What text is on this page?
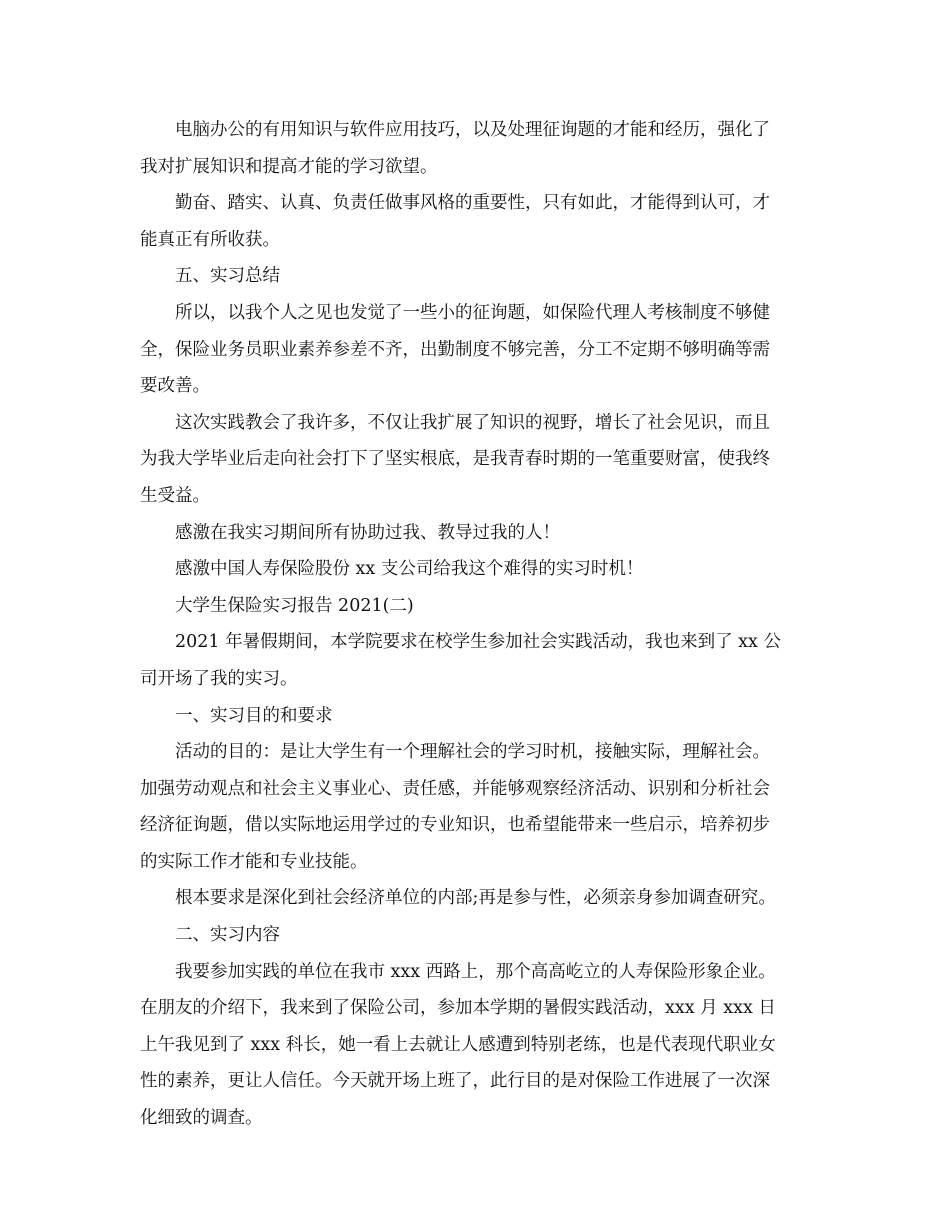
电脑办公的有用知识与软件应用技巧，以及处理征询题的才能和经历，强化了
我对扩展知识和提高才能的学习欲望。
勤奋、踏实、认真、负责任做事风格的重要性，只有如此，才能得到认可，才
能真正有所收获。
五、实习总结
所以，以我个人之见也发觉了一些小的征询题，如保险代理人考核制度不够健
全，保险业务员职业素养参差不齐，出勤制度不够完善，分工不定期不够明确等需
要改善。
这次实践教会了我许多，不仅让我扩展了知识的视野，增长了社会见识，而且
为我大学毕业后走向社会打下了坚实根底，是我青春时期的一笔重要财富，使我终
生受益。
感激在我实习期间所有协助过我、教导过我的人！
感激中国人寿保险股份 xx 支公司给我这个难得的实习时机！
大学生保险实习报告 2021(二)
2021 年暑假期间，本学院要求在校学生参加社会实践活动，我也来到了 xx 公
司开场了我的实习。
一、实习目的和要求
活动的目的：是让大学生有一个理解社会的学习时机，接触实际，理解社会。
加强劳动观点和社会主义事业心、责任感，并能够观察经济活动、识别和分析社会
经济征询题，借以实际地运用学过的专业知识，也希望能带来一些启示，培养初步
的实际工作才能和专业技能。
根本要求是深化到社会经济单位的内部;再是参与性，必须亲身参加调查研究。
二、实习内容
我要参加实践的单位在我市 xxx 西路上，那个高高屹立的人寿保险形象企业。
在朋友的介绍下，我来到了保险公司，参加本学期的暑假实践活动，xxx 月 xxx 日
上午我见到了 xxx 科长，她一看上去就让人感遭到特别老练，也是代表现代职业女
性的素养，更让人信任。今天就开场上班了，此行目的是对保险工作进展了一次深
化细致的调查。
